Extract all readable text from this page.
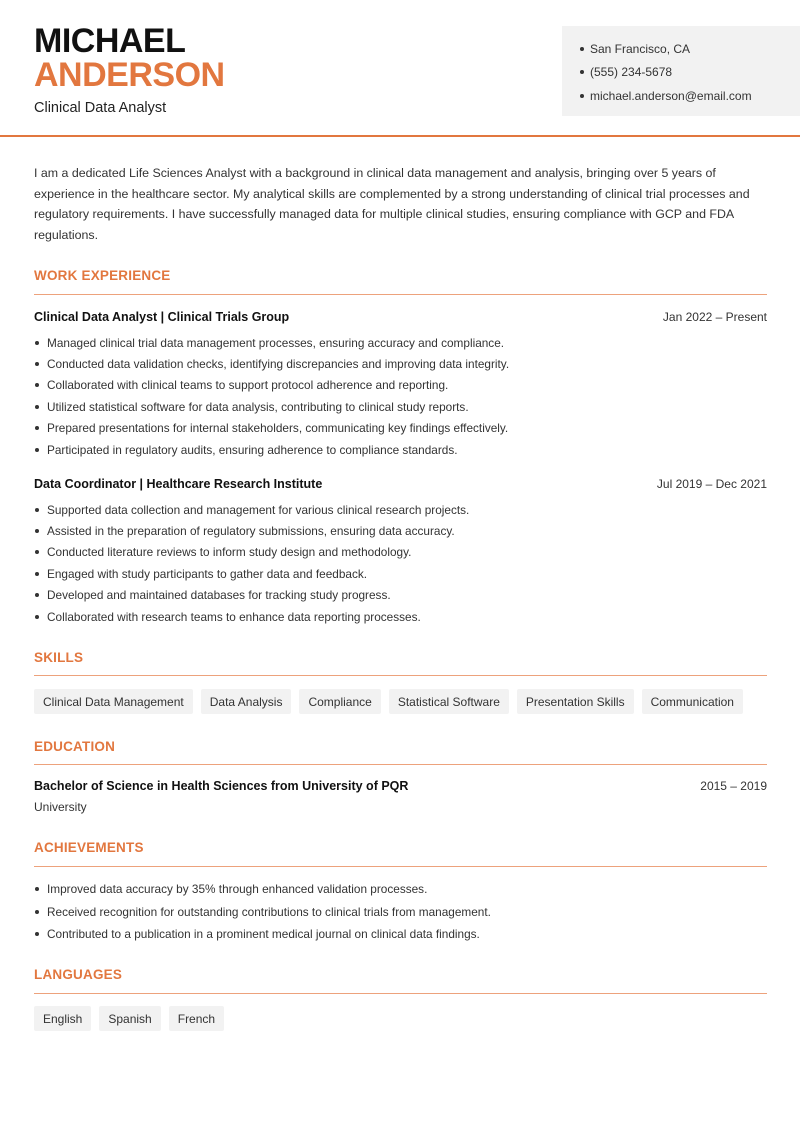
MICHAEL
ANDERSON
Clinical Data Analyst
San Francisco, CA
(555) 234-5678
michael.anderson@email.com

I am a dedicated Life Sciences Analyst with a background in clinical data management and analysis, bringing over 5 years of experience in the healthcare sector. My analytical skills are complemented by a strong understanding of clinical trial processes and regulatory requirements. I have successfully managed data for multiple clinical studies, ensuring compliance with GCP and FDA regulations.

WORK EXPERIENCE
Clinical Data Analyst | Clinical Trials Group	Jan 2022 – Present
Managed clinical trial data management processes, ensuring accuracy and compliance.
Conducted data validation checks, identifying discrepancies and improving data integrity.
Collaborated with clinical teams to support protocol adherence and reporting.
Utilized statistical software for data analysis, contributing to clinical study reports.
Prepared presentations for internal stakeholders, communicating key findings effectively.
Participated in regulatory audits, ensuring adherence to compliance standards.
Data Coordinator | Healthcare Research Institute	Jul 2019 – Dec 2021
Supported data collection and management for various clinical research projects.
Assisted in the preparation of regulatory submissions, ensuring data accuracy.
Conducted literature reviews to inform study design and methodology.
Engaged with study participants to gather data and feedback.
Developed and maintained databases for tracking study progress.
Collaborated with research teams to enhance data reporting processes.
SKILLS
Clinical Data Management	Data Analysis	Compliance	Statistical Software	Presentation Skills	Communication
EDUCATION
Bachelor of Science in Health Sciences from University of PQR	2015 – 2019
University
ACHIEVEMENTS
Improved data accuracy by 35% through enhanced validation processes.
Received recognition for outstanding contributions to clinical trials from management.
Contributed to a publication in a prominent medical journal on clinical data findings.
LANGUAGES
English	Spanish	French
